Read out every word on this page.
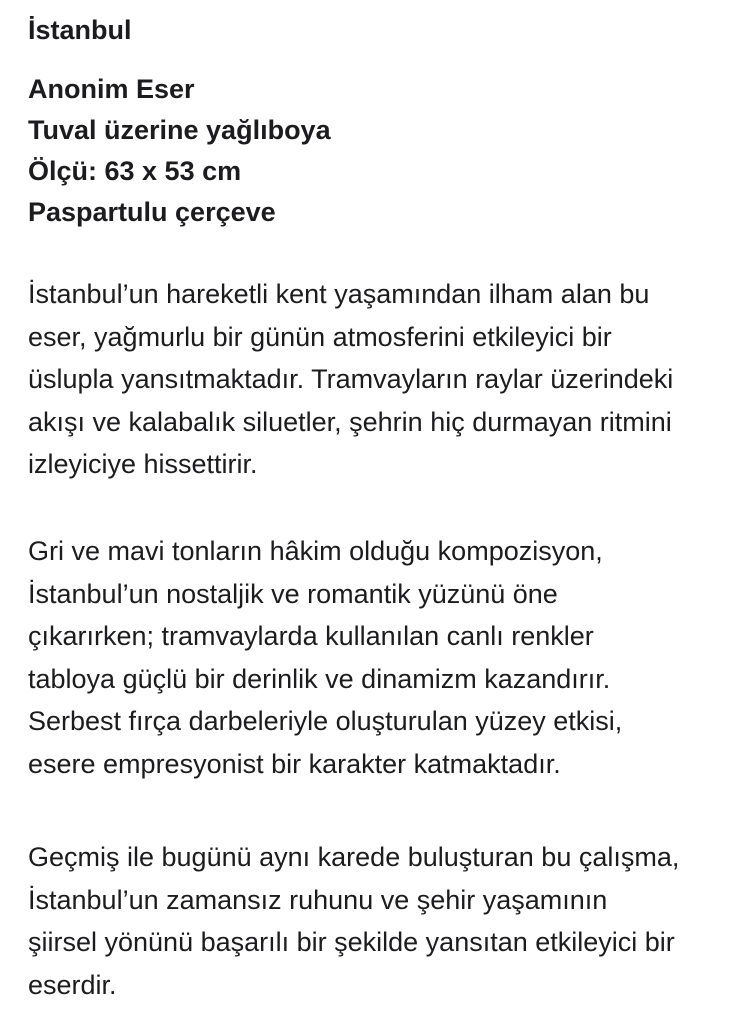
İstanbul
Anonim Eser
Tuval üzerine yağlıboya
Ölçü: 63 x 53 cm
Paspartulu çerçeve

İstanbul’un hareketli kent yaşamından ilham alan bu
eser, yağmurlu bir günün atmosferini etkileyici bir
üslupla yansıtmaktadır. Tramvayların raylar üzerindeki
akışı ve kalabalık siluetler, şehrin hiç durmayan ritmini
izleyiciye hissettirir.

Gri ve mavi tonların hâkim olduğu kompozisyon,
İstanbul’un nostaljik ve romantik yüzünü öne
çıkarırken; tramvaylarda kullanılan canlı renkler
tabloya güçlü bir derinlik ve dinamizm kazandırır.
Serbest fırça darbeleriyle oluşturulan yüzey etkisi,
esere empresyonist bir karakter katmaktadır.

Geçmiş ile bugünü aynı karede buluşturan bu çalışma,
İstanbul’un zamansız ruhunu ve şehir yaşamının
şiirsel yönünü başarılı bir şekilde yansıtan etkileyici bir
eserdir.
